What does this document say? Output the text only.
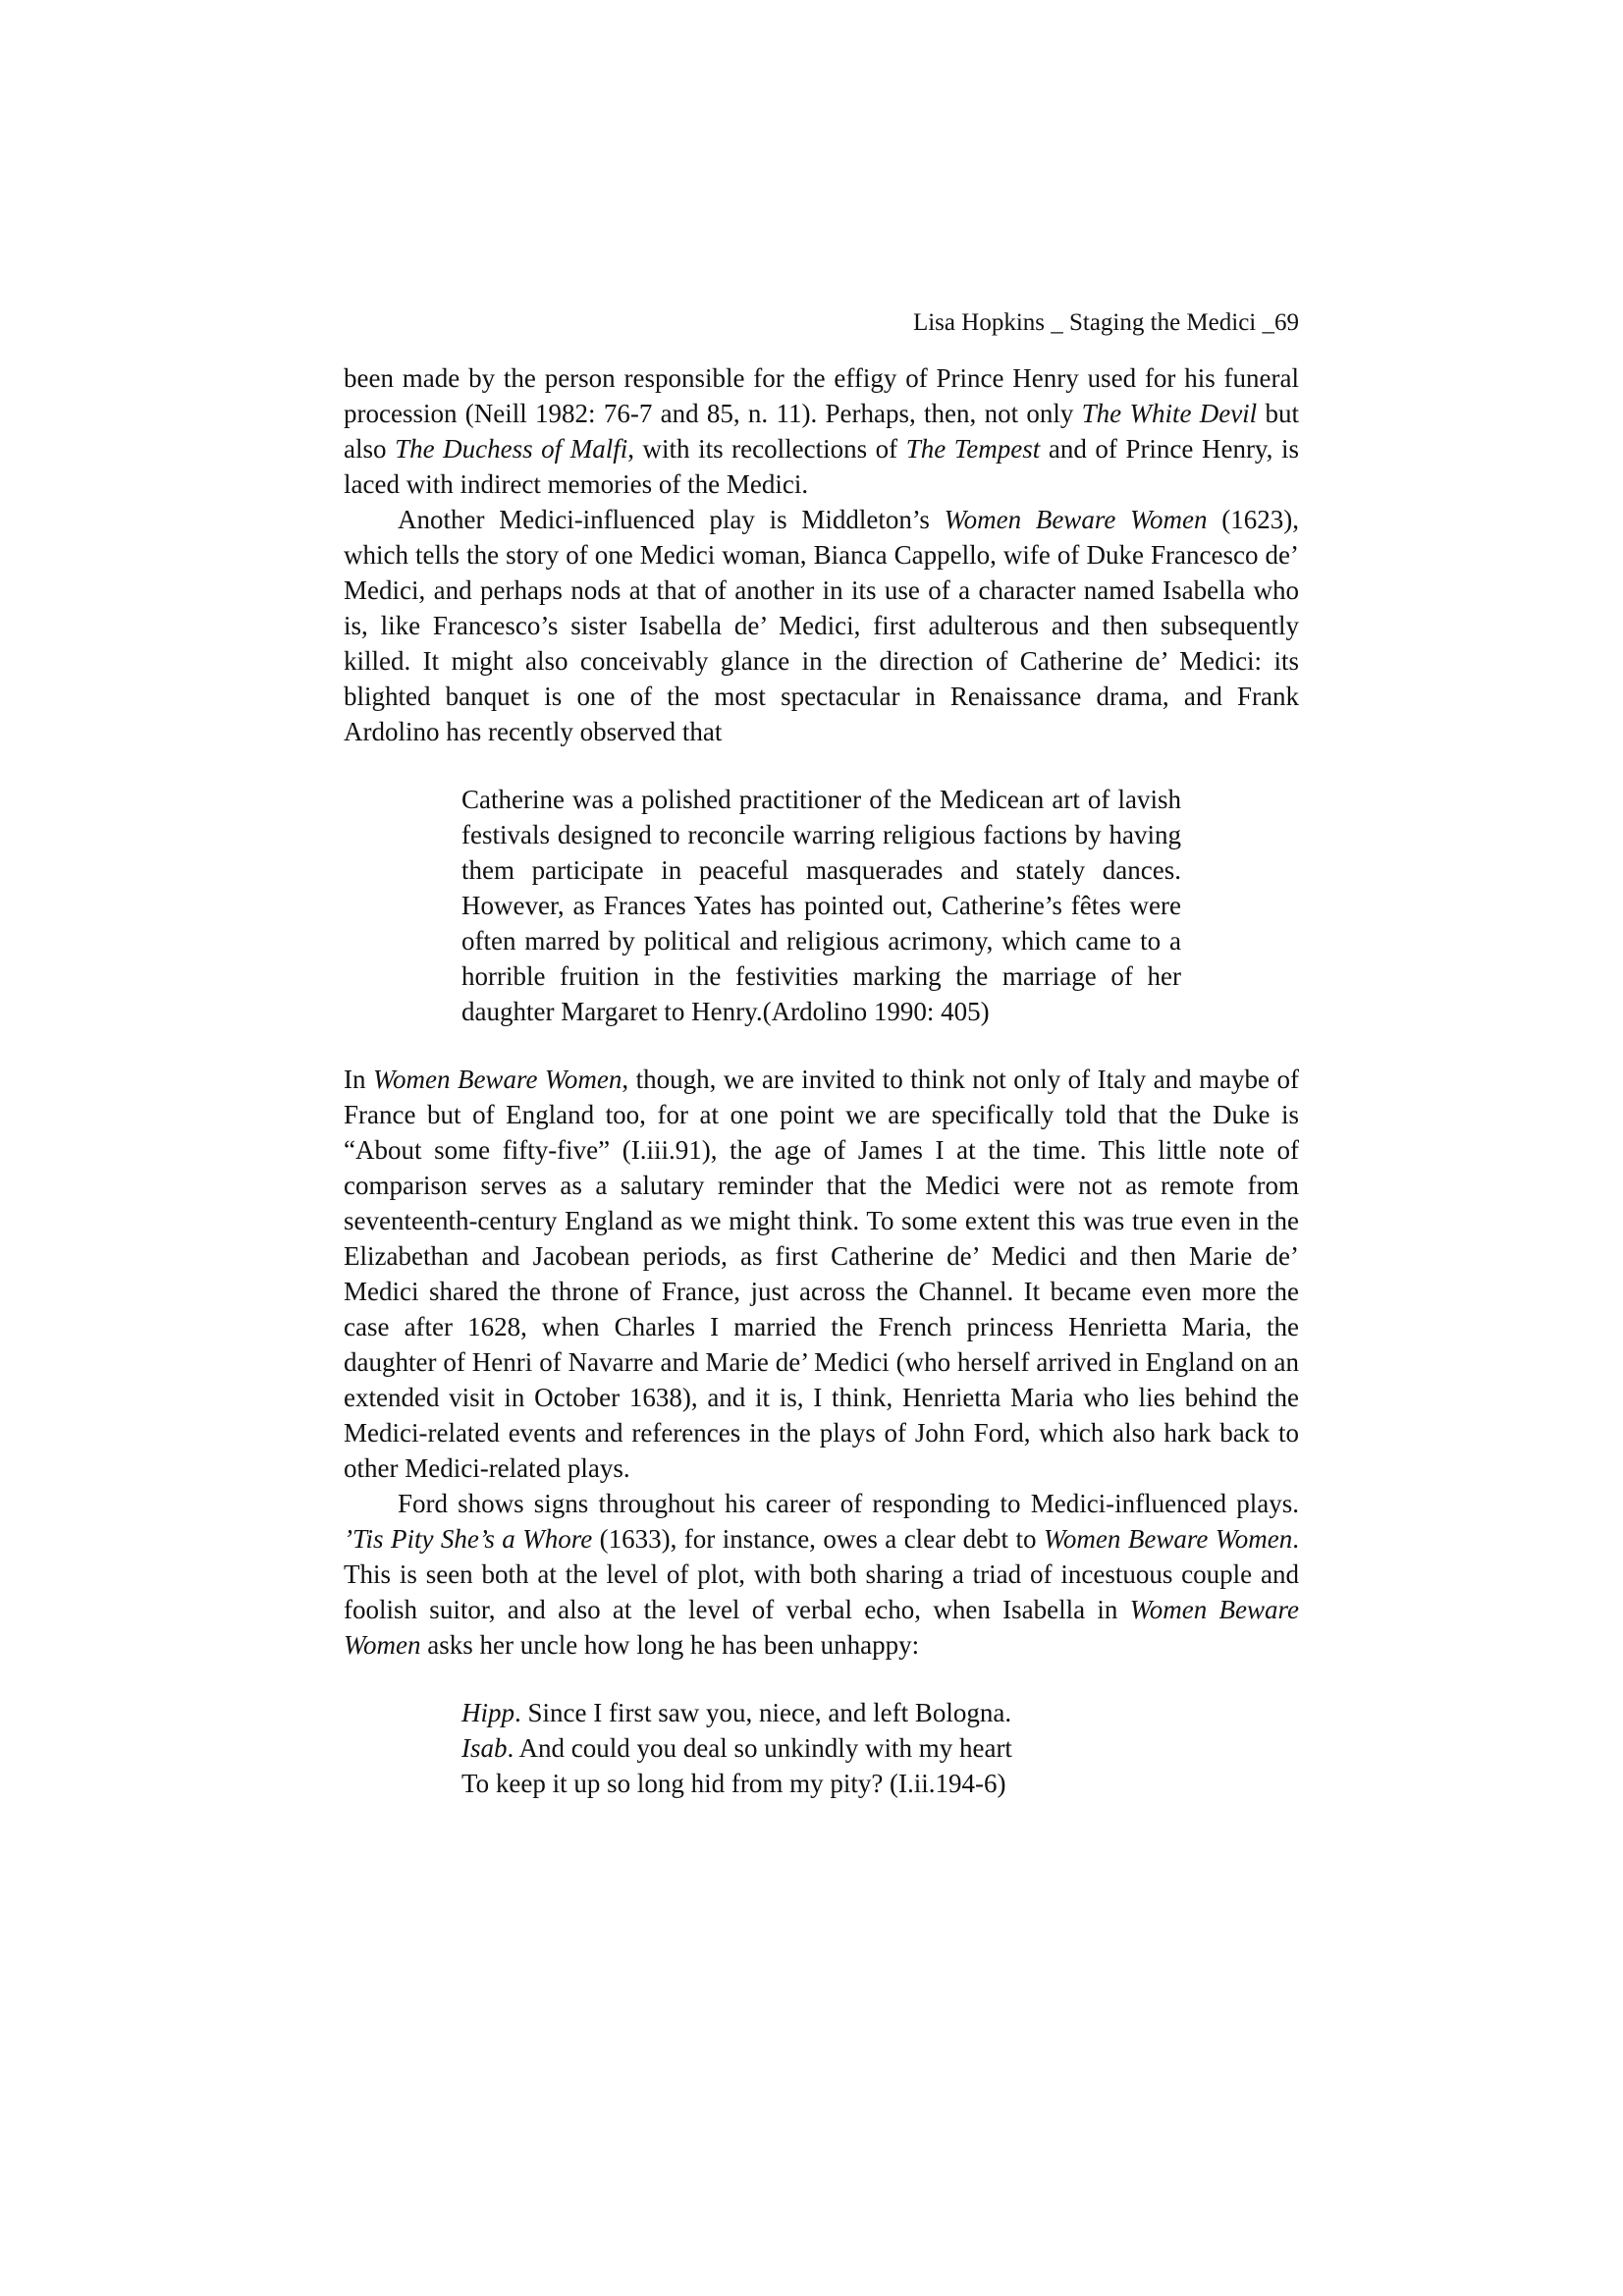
Lisa Hopkins _ Staging the Medici _69

been made by the person responsible for the effigy of Prince Henry used for his funeral procession (Neill 1982: 76-7 and 85, n. 11). Perhaps, then, not only The White Devil but also The Duchess of Malfi, with its recollections of The Tempest and of Prince Henry, is laced with indirect memories of the Medici.

Another Medici-influenced play is Middleton’s Women Beware Women (1623), which tells the story of one Medici woman, Bianca Cappello, wife of Duke Francesco de’ Medici, and perhaps nods at that of another in its use of a character named Isabella who is, like Francesco’s sister Isabella de’ Medici, first adulterous and then subsequently killed. It might also conceivably glance in the direction of Catherine de’ Medici: its blighted banquet is one of the most spectacular in Renaissance drama, and Frank Ardolino has recently observed that

Catherine was a polished practitioner of the Medicean art of lavish festivals designed to reconcile warring religious factions by having them participate in peaceful masquerades and stately dances. However, as Frances Yates has pointed out, Catherine’s fêtes were often marred by political and religious acrimony, which came to a horrible fruition in the festivities marking the marriage of her daughter Margaret to Henry.(Ardolino 1990: 405)

In Women Beware Women, though, we are invited to think not only of Italy and maybe of France but of England too, for at one point we are specifically told that the Duke is “About some fifty-five” (I.iii.91), the age of James I at the time. This little note of comparison serves as a salutary reminder that the Medici were not as remote from seventeenth-century England as we might think. To some extent this was true even in the Elizabethan and Jacobean periods, as first Catherine de’ Medici and then Marie de’ Medici shared the throne of France, just across the Channel. It became even more the case after 1628, when Charles I married the French princess Henrietta Maria, the daughter of Henri of Navarre and Marie de’ Medici (who herself arrived in England on an extended visit in October 1638), and it is, I think, Henrietta Maria who lies behind the Medici-related events and references in the plays of John Ford, which also hark back to other Medici-related plays.

Ford shows signs throughout his career of responding to Medici-influenced plays. ’Tis Pity She’s a Whore (1633), for instance, owes a clear debt to Women Beware Women. This is seen both at the level of plot, with both sharing a triad of incestuous couple and foolish suitor, and also at the level of verbal echo, when Isabella in Women Beware Women asks her uncle how long he has been unhappy:

Hipp. Since I first saw you, niece, and left Bologna.
Isab. And could you deal so unkindly with my heart
To keep it up so long hid from my pity? (I.ii.194-6)
